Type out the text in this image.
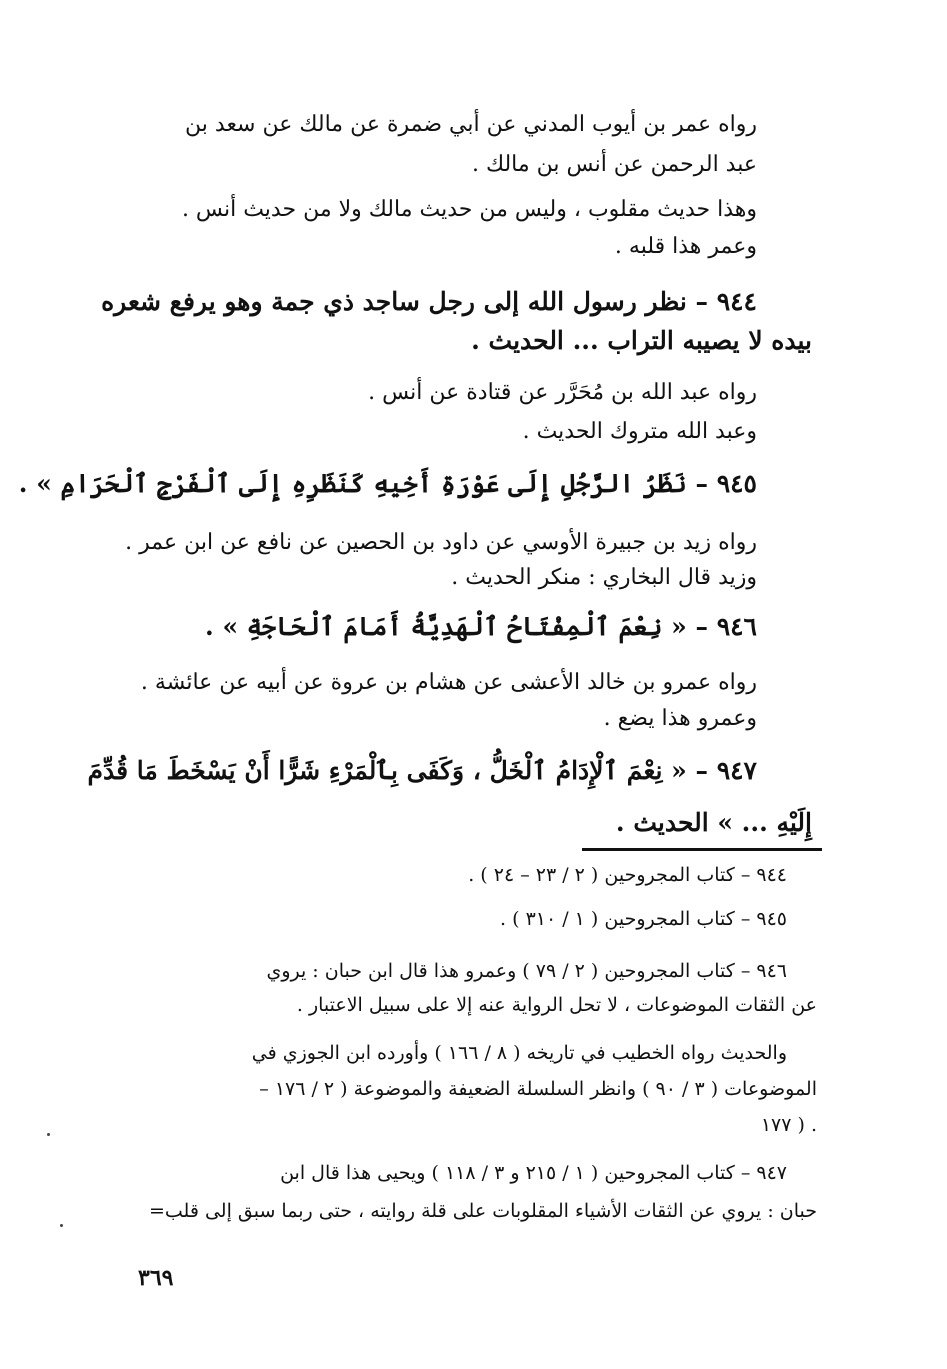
رواه عمر بن أيوب المدني عن أبي ضمرة عن مالك عن سعد بن

عبد الرحمن عن أنس بن مالك .

وهذا حديث مقلوب ، وليس من حديث مالك ولا من حديث أنس .

وعمر هذا قلبه .

٩٤٤ – نظر رسول الله إلى رجل ساجد ذي جمة وهو يرفع شعره

بيده لا يصيبه التراب ... الحديث .

رواه عبد الله بن مُحَرَّر عن قتادة عن أنس .

وعبد الله متروك الحديث .

٩٤٥ – نَظَرُ الرَّجُلِ إِلَى عَوْرَةِ أَخِيهِ كَنَظَرِهِ إِلَى ٱلْفَرْجِ ٱلْحَرَامِ » .

رواه زيد بن جبيرة الأوسي عن داود بن الحصين عن نافع عن ابن عمر .

وزيد قال البخاري : منكر الحديث .

٩٤٦ – « نِعْمَ ٱلْمِفْتَاحُ ٱلْهَدِيَّةُ أَمَامَ ٱلْحَاجَةِ » .

رواه عمرو بن خالد الأعشى عن هشام بن عروة عن أبيه عن عائشة .

وعمرو هذا يضع .

٩٤٧ – « نِعْمَ ٱلْإِدَامُ ٱلْخَلُّ ، وَكَفَى بِٱلْمَرْءِ شَرًّا أَنْ يَسْخَطَ مَا قُدِّمَ

إِلَيْهِ ... » الحديث .

٩٤٤ – كتاب المجروحين ( ٢ / ٢٣ – ٢٤ ) .

٩٤٥ – كتاب المجروحين ( ١ / ٣١٠ ) .

٩٤٦ – كتاب المجروحين ( ٢ / ٧٩ ) وعمرو هذا قال ابن حبان : يروي

عن الثقات الموضوعات ، لا تحل الرواية عنه إلا على سبيل الاعتبار .

والحديث رواه الخطيب في تاريخه ( ٨ / ١٦٦ ) وأورده ابن الجوزي في

الموضوعات ( ٣ / ٩٠ ) وانظر السلسلة الضعيفة والموضوعة ( ٢ / ١٧٦ –

١٧٧ ) .

٩٤٧ – كتاب المجروحين ( ١ / ٢١٥ و ٣ / ١١٨ ) ويحيى هذا قال ابن

حبان : يروي عن الثقات الأشياء المقلوبات على قلة روايته ، حتى ربما سبق إلى قلب=

٣٦٩
